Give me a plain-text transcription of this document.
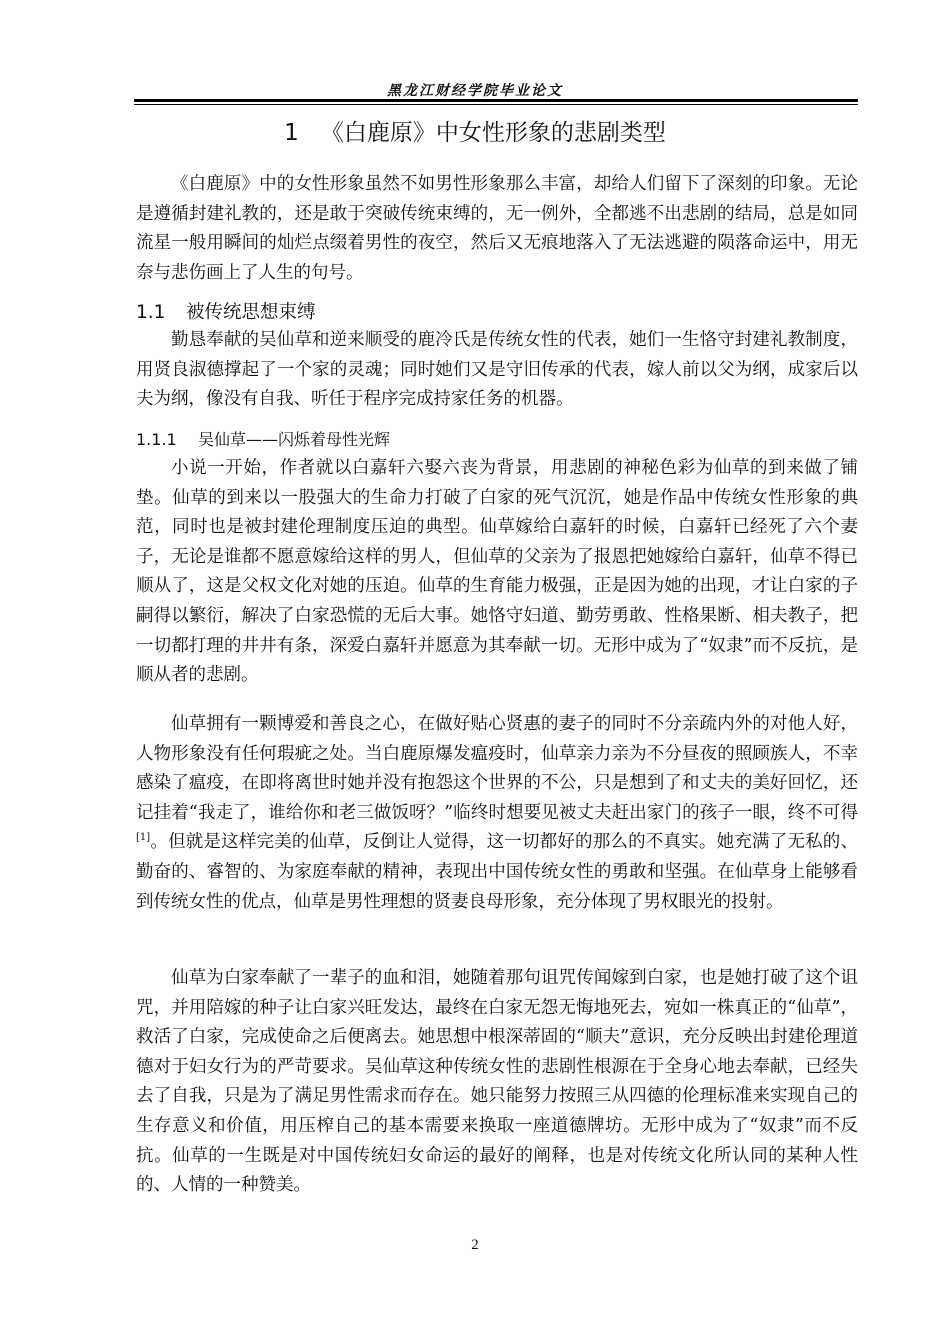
黑龙江财经学院毕业论文
1 《白鹿原》中女性形象的悲剧类型

《白鹿原》中的女性形象虽然不如男性形象那么丰富，却给人们留下了深刻的印象。无论是遵循封建礼教的，还是敢于突破传统束缚的，无一例外，全都逃不出悲剧的结局，总是如同流星一般用瞬间的灿烂点缀着男性的夜空，然后又无痕地落入了无法逃避的陨落命运中，用无奈与悲伤画上了人生的句号。

1.1 被传统思想束缚

勤恳奉献的吴仙草和逆来顺受的鹿冷氏是传统女性的代表，她们一生恪守封建礼教制度，用贤良淑德撑起了一个家的灵魂；同时她们又是守旧传承的代表，嫁人前以父为纲，成家后以夫为纲，像没有自我、听任于程序完成持家任务的机器。

1.1.1 吴仙草——闪烁着母性光辉

小说一开始，作者就以白嘉轩六娶六丧为背景，用悲剧的神秘色彩为仙草的到来做了铺垫。仙草的到来以一股强大的生命力打破了白家的死气沉沉，她是作品中传统女性形象的典范，同时也是被封建伦理制度压迫的典型。仙草嫁给白嘉轩的时候，白嘉轩已经死了六个妻子，无论是谁都不愿意嫁给这样的男人，但仙草的父亲为了报恩把她嫁给白嘉轩，仙草不得已顺从了，这是父权文化对她的压迫。仙草的生育能力极强，正是因为她的出现，才让白家的子嗣得以繁衍，解决了白家恐慌的无后大事。她恪守妇道、勤劳勇敢、性格果断、相夫教子，把一切都打理的井井有条，深爱白嘉轩并愿意为其奉献一切。无形中成为了“奴隶”而不反抗，是顺从者的悲剧。

仙草拥有一颗博爱和善良之心，在做好贴心贤惠的妻子的同时不分亲疏内外的对他人好，人物形象没有任何瑕疵之处。当白鹿原爆发瘟疫时，仙草亲力亲为不分昼夜的照顾族人，不幸感染了瘟疫，在即将离世时她并没有抱怨这个世界的不公，只是想到了和丈夫的美好回忆，还记挂着“我走了，谁给你和老三做饭呀？”临终时想要见被丈夫赶出家门的孩子一眼，终不可得[1]。但就是这样完美的仙草，反倒让人觉得，这一切都好的那么的不真实。她充满了无私的、勤奋的、睿智的、为家庭奉献的精神，表现出中国传统女性的勇敢和坚强。在仙草身上能够看到传统女性的优点，仙草是男性理想的贤妻良母形象，充分体现了男权眼光的投射。

仙草为白家奉献了一辈子的血和泪，她随着那句诅咒传闻嫁到白家，也是她打破了这个诅咒，并用陪嫁的种子让白家兴旺发达，最终在白家无怨无悔地死去，宛如一株真正的“仙草”，救活了白家，完成使命之后便离去。她思想中根深蒂固的“顺夫”意识，充分反映出封建伦理道德对于妇女行为的严苛要求。吴仙草这种传统女性的悲剧性根源在于全身心地去奉献，已经失去了自我，只是为了满足男性需求而存在。她只能努力按照三从四德的伦理标准来实现自己的生存意义和价值，用压榨自己的基本需要来换取一座道德牌坊。无形中成为了“奴隶”而不反抗。仙草的一生既是对中国传统妇女命运的最好的阐释，也是对传统文化所认同的某种人性的、人情的一种赞美。

2
